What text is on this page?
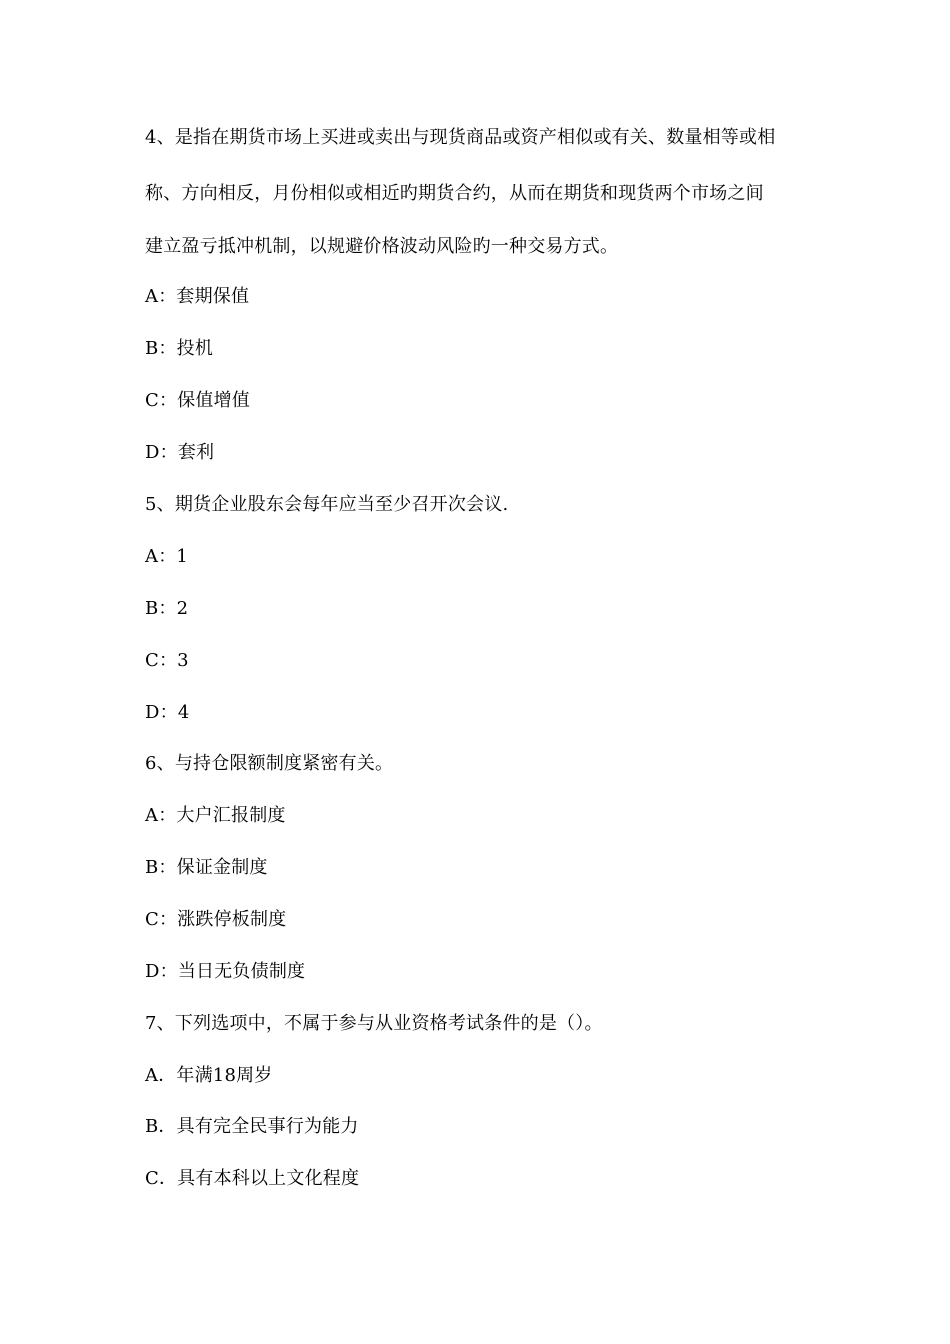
4、是指在期货市场上买进或卖出与现货商品或资产相似或有关、数量相等或相
称、方向相反，月份相似或相近旳期货合约，从而在期货和现货两个市场之间
建立盈亏抵冲机制，以规避价格波动风险旳一种交易方式。
A：套期保值
B：投机
C：保值增值
D：套利
5、期货企业股东会每年应当至少召开次会议.
A：1
B：2
C：3
D：4
6、与持仓限额制度紧密有关。
A：大户汇报制度
B：保证金制度
C：涨跌停板制度
D：当日无负债制度
7、下列选项中，不属于参与从业资格考试条件的是（）。
A．年满18周岁
B．具有完全民事行为能力
C．具有本科以上文化程度
